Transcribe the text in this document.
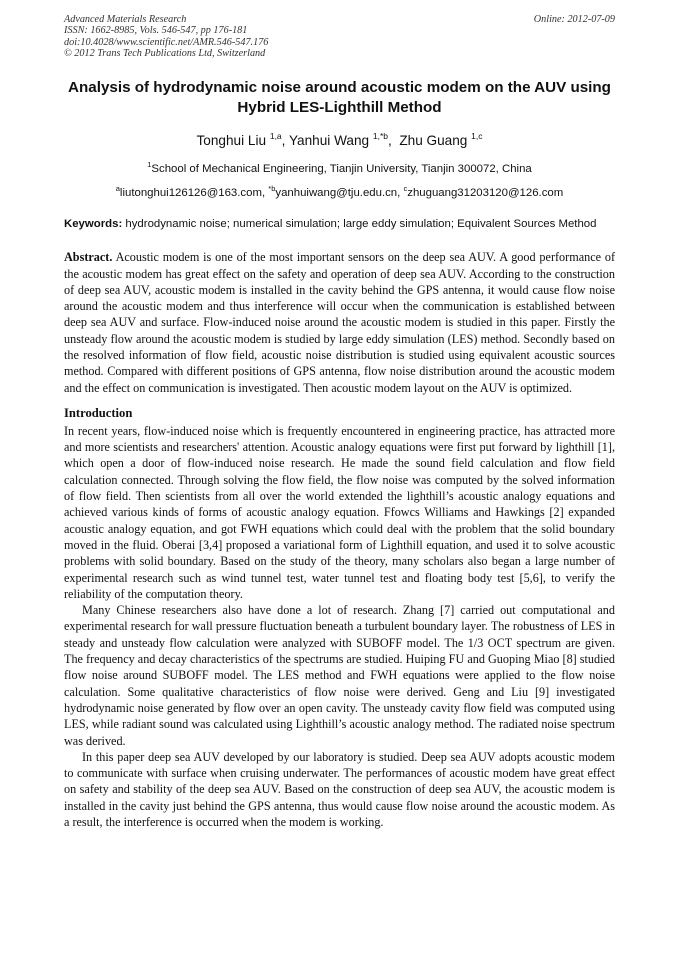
Advanced Materials Research
ISSN: 1662-8985, Vols. 546-547, pp 176-181
doi:10.4028/www.scientific.net/AMR.546-547.176
© 2012 Trans Tech Publications Ltd, Switzerland
Online: 2012-07-09
Analysis of hydrodynamic noise around acoustic modem on the AUV using Hybrid LES-Lighthill Method
Tonghui Liu $^{1,a}$, Yanhui Wang $^{1,*b}$,  Zhu Guang $^{1,c}$
$^1$School of Mechanical Engineering, Tianjin University, Tianjin 300072, China
$^a$liutonghui126126@163.com, $^{*b}$yanhuiwang@tju.edu.cn, $^c$zhuguang31203120@126.com
Keywords: hydrodynamic noise; numerical simulation; large eddy simulation; Equivalent Sources Method
Abstract. Acoustic modem is one of the most important sensors on the deep sea AUV. A good performance of the acoustic modem has great effect on the safety and operation of deep sea AUV. According to the construction of deep sea AUV, acoustic modem is installed in the cavity behind the GPS antenna, it would cause flow noise around the acoustic modem and thus interference will occur when the communication is established between deep sea AUV and surface. Flow-induced noise around the acoustic modem is studied in this paper. Firstly the unsteady flow around the acoustic modem is studied by large eddy simulation (LES) method. Secondly based on the resolved information of flow field, acoustic noise distribution is studied using equivalent acoustic sources method. Compared with different positions of GPS antenna, flow noise distribution around the acoustic modem and the effect on communication is investigated. Then acoustic modem layout on the AUV is optimized.
Introduction
In recent years, flow-induced noise which is frequently encountered in engineering practice, has attracted more and more scientists and researchers' attention. Acoustic analogy equations were first put forward by lighthill [1], which open a door of flow-induced noise research. He made the sound field calculation and flow field calculation connected. Through solving the flow field, the flow noise was computed by the solved information of flow field. Then scientists from all over the world extended the lighthill’s acoustic analogy equations and achieved various kinds of forms of acoustic analogy equation. Ffowcs Williams and Hawkings [2] expanded acoustic analogy equation, and got FWH equations which could deal with the problem that the solid boundary moved in the fluid. Oberai [3,4] proposed a variational form of Lighthill equation, and used it to solve acoustic problems with solid boundary. Based on the study of the theory, many scholars also began a large number of experimental research such as wind tunnel test, water tunnel test and floating body test [5,6], to verify the reliability of the computation theory.
Many Chinese researchers also have done a lot of research. Zhang [7] carried out computational and experimental research for wall pressure fluctuation beneath a turbulent boundary layer. The robustness of LES in steady and unsteady flow calculation were analyzed with SUBOFF model. The 1/3 OCT spectrum are given. The frequency and decay characteristics of the spectrums are studied. Huiping FU and Guoping Miao [8] studied flow noise around SUBOFF model. The LES method and FWH equations were applied to the flow noise calculation. Some qualitative characteristics of flow noise were derived. Geng and Liu [9] investigated hydrodynamic noise generated by flow over an open cavity. The unsteady cavity flow field was computed using LES, while radiant sound was calculated using Lighthill’s acoustic analogy method. The radiated noise spectrum was derived.
In this paper deep sea AUV developed by our laboratory is studied. Deep sea AUV adopts acoustic modem to communicate with surface when cruising underwater. The performances of acoustic modem have great effect on safety and stability of the deep sea AUV. Based on the construction of deep sea AUV, the acoustic modem is installed in the cavity just behind the GPS antenna, thus would cause flow noise around the acoustic modem. As a result, the interference is occurred when the modem is working.
